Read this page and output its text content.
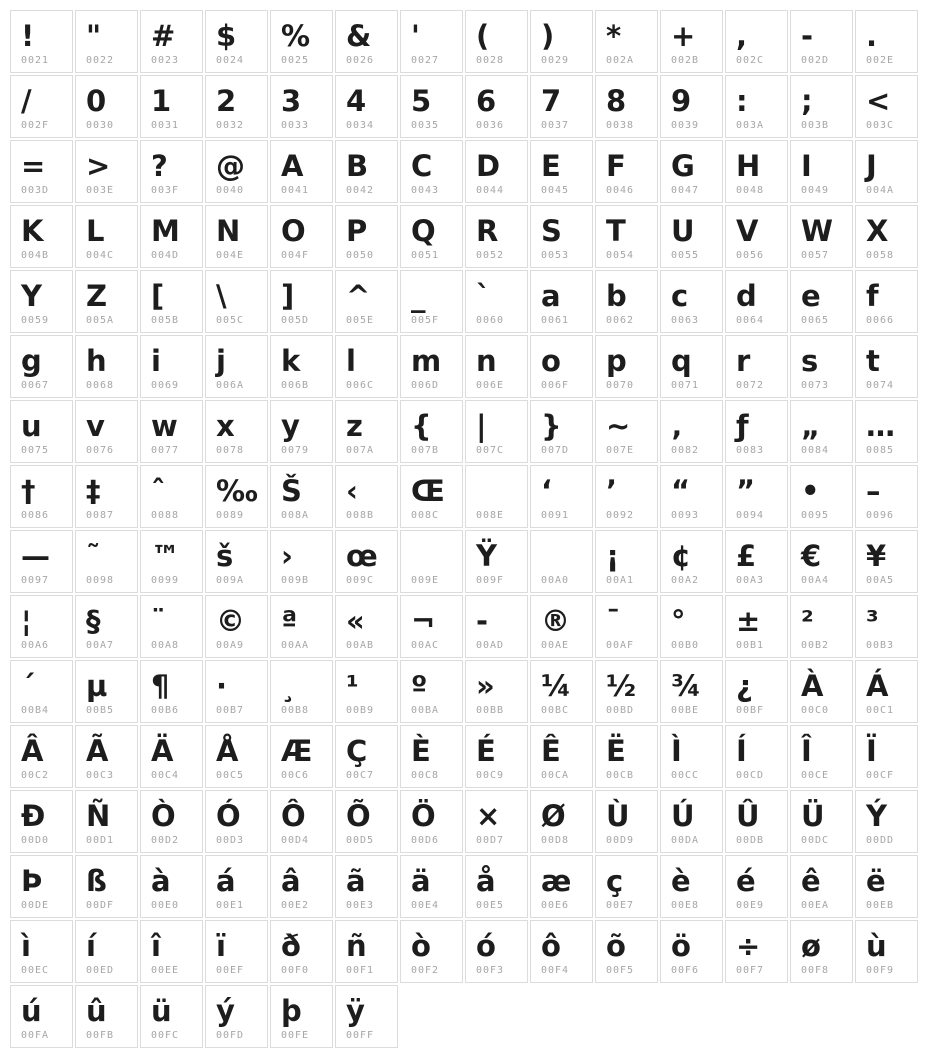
!
0021
"
0022
#
0023
$
0024
%
0025
&
0026
'
0027
(
0028
)
0029
*
002A
+
002B
,
002C
-
002D
.
002E
/
002F
0
0030
1
0031
2
0032
3
0033
4
0034
5
0035
6
0036
7
0037
8
0038
9
0039
:
003A
;
003B
<
003C
=
003D
>
003E
?
003F
@
0040
A
0041
B
0042
C
0043
D
0044
E
0045
F
0046
G
0047
H
0048
I
0049
J
004A
K
004B
L
004C
M
004D
N
004E
O
004F
P
0050
Q
0051
R
0052
S
0053
T
0054
U
0055
V
0056
W
0057
X
0058
Y
0059
Z
005A
[
005B
\
005C
]
005D
^
005E
_
005F
`
0060
a
0061
b
0062
c
0063
d
0064
e
0065
f
0066
g
0067
h
0068
i
0069
j
006A
k
006B
l
006C
m
006D
n
006E
o
006F
p
0070
q
0071
r
0072
s
0073
t
0074
u
0075
v
0076
w
0077
x
0078
y
0079
z
007A
{
007B
|
007C
}
007D
~
007E
‚
0082
ƒ
0083
„
0084
…
0085
†
0086
‡
0087
ˆ
0088
‰
0089
Š
008A
‹
008B
Œ
008C	008E
‘
0091
’
0092
“
0093
”
0094
•
0095
–
0096
—
0097
˜
0098
™
0099
š
009A
›
009B
œ
009C	009E
Ÿ
009F	00A0
¡
00A1
¢
00A2
£
00A3
€
00A4
¥
00A5
¦
00A6
§
00A7
¨
00A8
©
00A9
ª
00AA
«
00AB
¬
00AC
-
00AD
®
00AE
¯
00AF
°
00B0
±
00B1
²
00B2
³
00B3
´
00B4
µ
00B5
¶
00B6
·
00B7
¸
00B8
¹
00B9
º
00BA
»
00BB
¼
00BC
½
00BD
¾
00BE
¿
00BF
À
00C0
Á
00C1
Â
00C2
Ã
00C3
Ä
00C4
Å
00C5
Æ
00C6
Ç
00C7
È
00C8
É
00C9
Ê
00CA
Ë
00CB
Ì
00CC
Í
00CD
Î
00CE
Ï
00CF
Ð
00D0
Ñ
00D1
Ò
00D2
Ó
00D3
Ô
00D4
Õ
00D5
Ö
00D6
×
00D7
Ø
00D8
Ù
00D9
Ú
00DA
Û
00DB
Ü
00DC
Ý
00DD
Þ
00DE
ß
00DF
à
00E0
á
00E1
â
00E2
ã
00E3
ä
00E4
å
00E5
æ
00E6
ç
00E7
è
00E8
é
00E9
ê
00EA
ë
00EB
ì
00EC
í
00ED
î
00EE
ï
00EF
ð
00F0
ñ
00F1
ò
00F2
ó
00F3
ô
00F4
õ
00F5
ö
00F6
÷
00F7
ø
00F8
ù
00F9
ú
00FA
û
00FB
ü
00FC
ý
00FD
þ
00FE
ÿ
00FF
